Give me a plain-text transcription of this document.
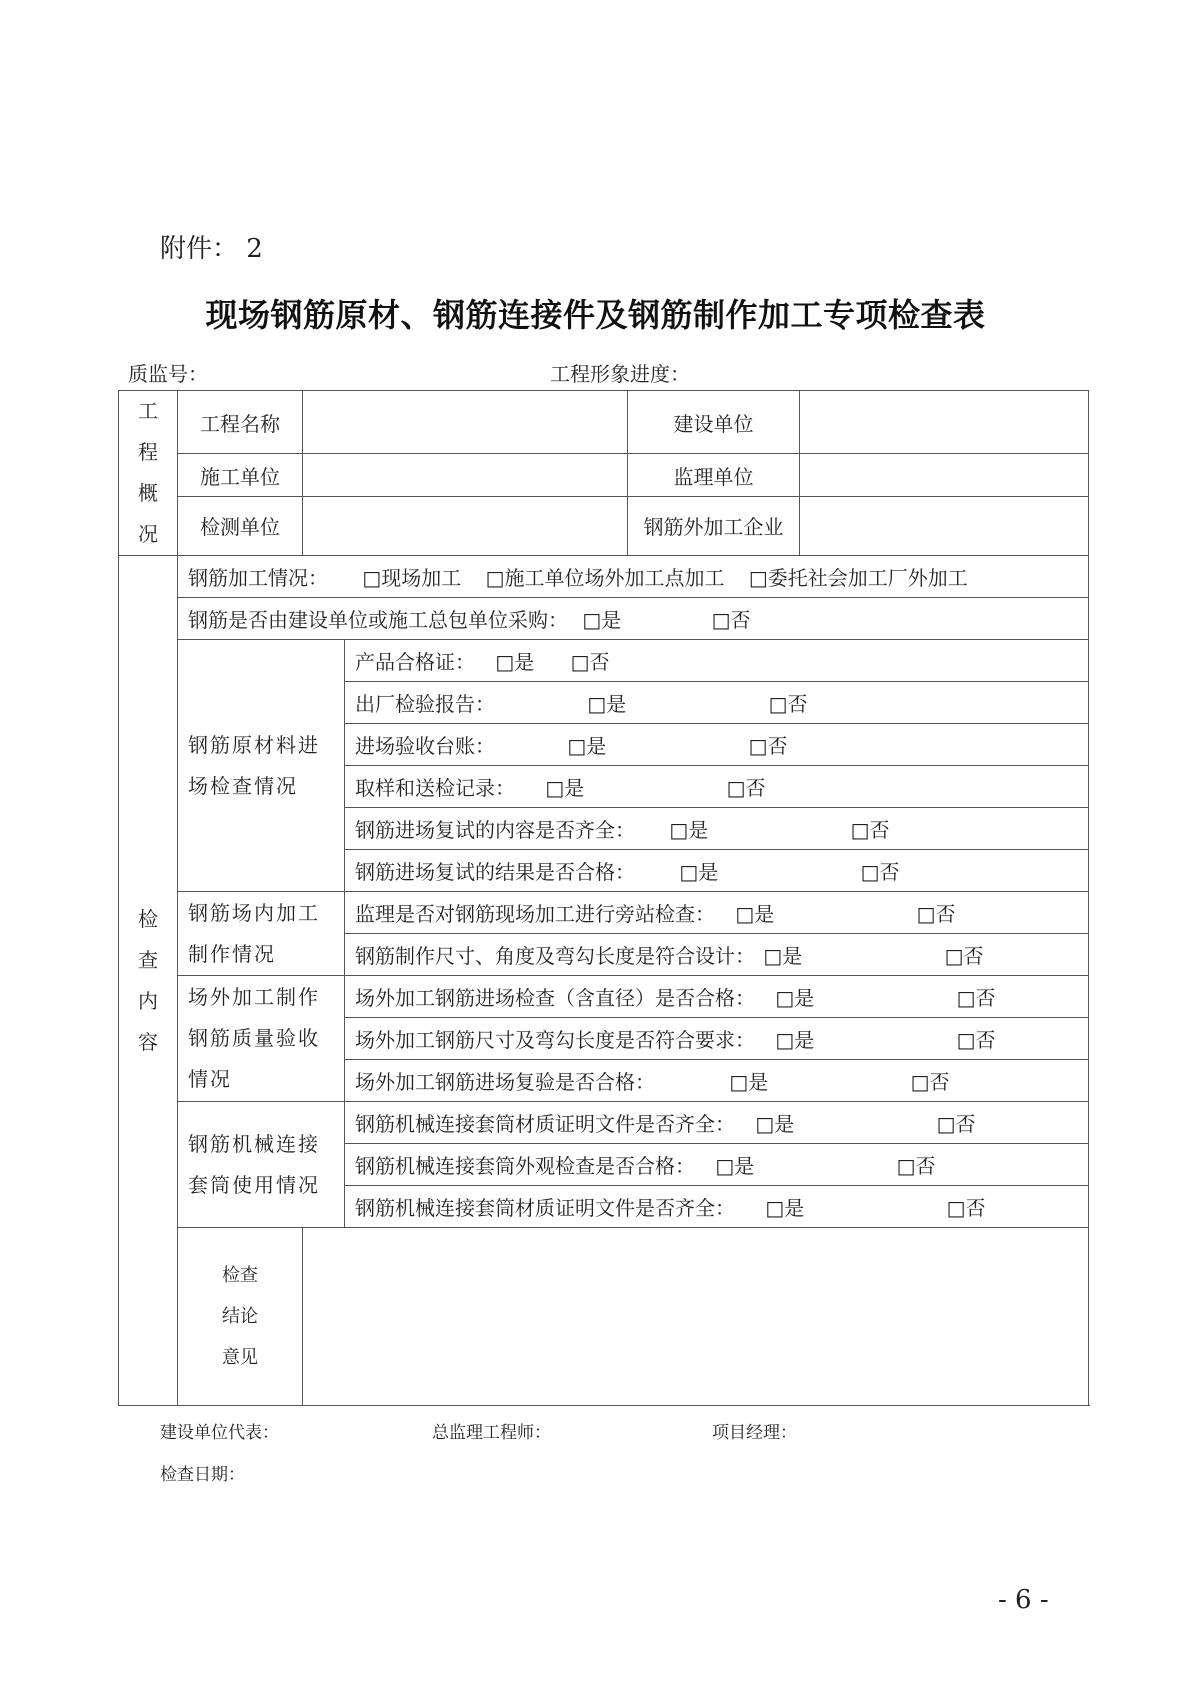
附件： 2
现场钢筋原材、钢筋连接件及钢筋制作加工专项检查表
质监号：	工程形象进度：
工
程
概
况	工程名称			建设单位	
	施工单位			监理单位	
	检测单位			钢筋外加工企业	
检
查
内
容	钢筋加工情况： □现场加工 □施工单位场外加工点加工 □委托社会加工厂外加工				
	钢筋是否由建设单位或施工总包单位采购： □是 □否				
	钢筋原材料进场检查情况		产品合格证： □是 □否		
			出厂检验报告： □是 □否		
			进场验收台账： □是 □否		
			取样和送检记录： □是 □否		
			钢筋进场复试的内容是否齐全： □是 □否		
			钢筋进场复试的结果是否合格： □是 □否		
	钢筋场内加工制作情况		监理是否对钢筋现场加工进行旁站检查： □是 □否		
			钢筋制作尺寸、角度及弯勾长度是符合设计： □是 □否		
	场外加工制作钢筋质量验收情况		场外加工钢筋进场检查（含直径）是否合格： □是 □否		
			场外加工钢筋尺寸及弯勾长度是否符合要求： □是 □否		
			场外加工钢筋进场复验是否合格： □是 □否		
	钢筋机械连接套筒使用情况		钢筋机械连接套筒材质证明文件是否齐全： □是 □否		
			钢筋机械连接套筒外观检查是否合格： □是 □否		
			钢筋机械连接套筒材质证明文件是否齐全： □是 □否		
	检查
结论
意见				
建设单位代表：	总监理工程师：	项目经理：
检查日期：
- 6 -
